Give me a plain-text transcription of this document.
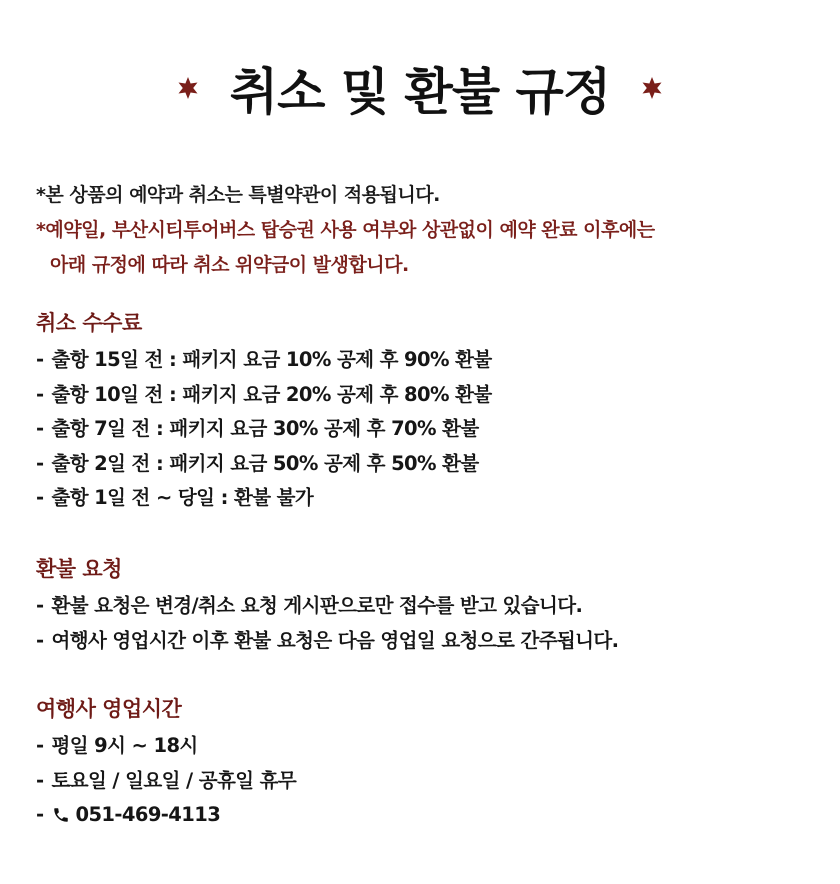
취소 및 환불 규정
*본 상품의 예약과 취소는 특별약관이 적용됩니다.
*예약일, 부산시티투어버스 탑승권 사용 여부와 상관없이 예약 완료 이후에는
아래 규정에 따라 취소 위약금이 발생합니다.
취소 수수료
- 출항 15일 전 : 패키지 요금 10% 공제 후 90% 환불
- 출항 10일 전 : 패키지 요금 20% 공제 후 80% 환불
- 출항 7일 전 : 패키지 요금 30% 공제 후 70% 환불
- 출항 2일 전 : 패키지 요금 50% 공제 후 50% 환불
- 출항 1일 전 ~ 당일 : 환불 불가
환불 요청
- 환불 요청은 변경/취소 요청 게시판으로만 접수를 받고 있습니다.
- 여행사 영업시간 이후 환불 요청은 다음 영업일 요청으로 간주됩니다.
여행사 영업시간
- 평일 9시 ~ 18시
- 토요일 / 일요일 / 공휴일 휴무
- 051-469-4113
